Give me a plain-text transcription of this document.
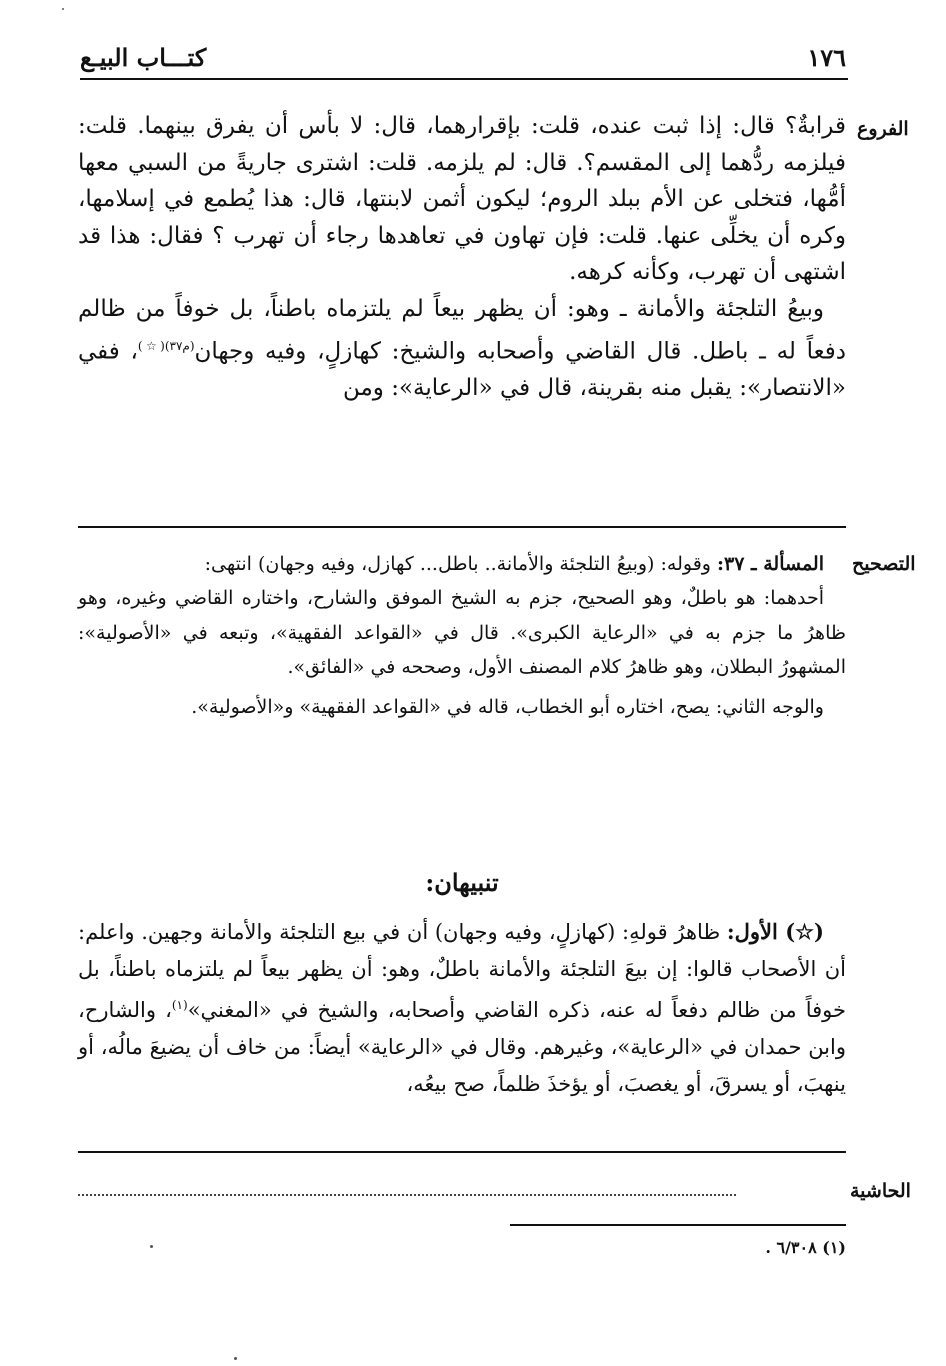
١٧٦
كتـــاب البيـع
الفروع

قرابةٌ؟ قال: إذا ثبت عنده، قلت: بإقرارهما، قال: لا بأس أن يفرق بينهما. قلت: فيلزمه ردُّهما إلى المقسم؟. قال: لم يلزمه. قلت: اشترى جاريةً من السبي معها أمُّها، فتخلى عن الأم ببلد الروم؛ ليكون أثمن لابنتها، قال: هذا يُطمع في إسلامها، وكره أن يخلِّى عنها. قلت: فإن تهاون في تعاهدها رجاء أن تهرب ؟ فقال: هذا قد اشتهى أن تهرب، وكأنه كرهه.

وبيعُ التلجئة والأمانة ـ وهو: أن يظهر بيعاً لم يلتزماه باطناً، بل خوفاً من ظالم دفعاً له ـ باطل. قال القاضي وأصحابه والشيخ: كهازلٍ، وفيه وجهان$^{(م٣٧)(☆)}$، ففي «الانتصار»: يقبل منه بقرينة، قال في «الرعاية»: ومن

التصحيح

المسألة ـ ٣٧: وقوله: (وبيعُ التلجئة والأمانة.. باطل... كهازل، وفيه وجهان) انتهى:

أحدهما: هو باطلٌ، وهو الصحيح، جزم به الشيخ الموفق والشارح، واختاره القاضي وغيره، وهو ظاهرُ ما جزم به في «الرعاية الكبرى». قال في «القواعد الفقهية»، وتبعه في «الأصولية»: المشهورُ البطلان، وهو ظاهرُ كلام المصنف الأول، وصححه في «الفائق».

والوجه الثاني: يصح، اختاره أبو الخطاب، قاله في «القواعد الفقهية» و«الأصولية».

تنبيهان:

(☆) الأول: ظاهرُ قولهِ: (كهازلٍ، وفيه وجهان) أن في بيع التلجئة والأمانة وجهين. واعلم: أن الأصحاب قالوا: إن بيعَ التلجئة والأمانة باطلٌ، وهو: أن يظهر بيعاً لم يلتزماه باطناً، بل خوفاً من ظالم دفعاً له عنه، ذكره القاضي وأصحابه، والشيخ في «المغني»$^{(١)}$، والشارح، وابن حمدان في «الرعاية»، وغيرهم. وقال في «الرعاية» أيضاً: من خاف أن يضيعَ مالُه، أو ينهبَ، أو يسرقَ، أو يغصبَ، أو يؤخذَ ظلماً، صح بيعُه،

الحاشية
(١) ٦/٣٠٨ .
